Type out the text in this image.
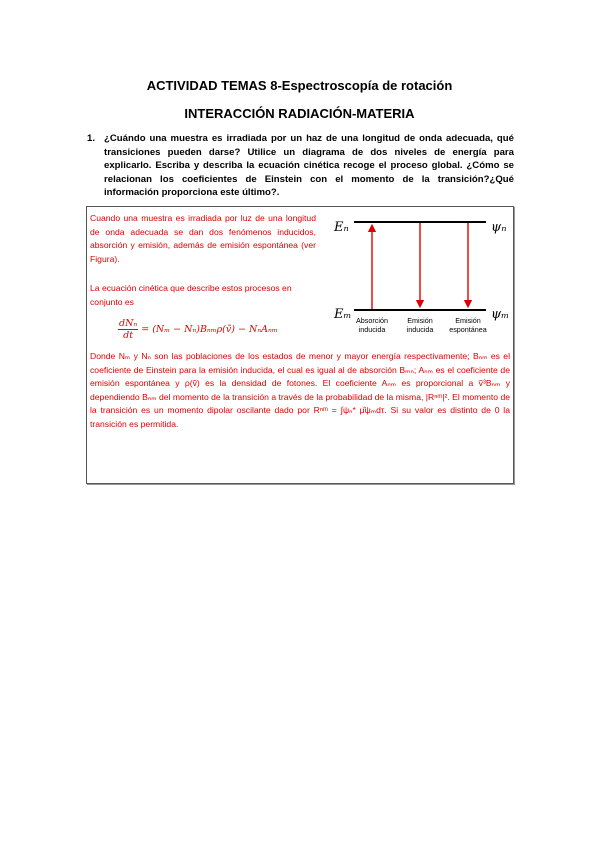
ACTIVIDAD TEMAS 8-Espectroscopía de rotación
INTERACCIÓN RADIACIÓN-MATERIA
1. ¿Cuándo una muestra es irradiada por un haz de una longitud de onda adecuada, qué transiciones pueden darse? Utilice un diagrama de dos niveles de energía para explicarlo. Escriba y describa la ecuación cinética recoge el proceso global. ¿Cómo se relacionan los coeficientes de Einstein con el momento de la transición?¿Qué información proporciona este último?.
Cuando una muestra es irradiada por luz de una longitud de onda adecuada se dan dos fenómenos inducidos, absorción y emisión, además de emisión espontánea (ver Figura).
La ecuación cinética que describe estos procesos en conjunto es
$\frac{\text{dNₙ}}{dt} = (N_m$ − Nₙ)Bₙₘρ(ṽ) − NₙAₙₘ
Donde Nₘ y Nₙ son las poblaciones de los estados de menor y mayor energía respectivamente; Bₙₘ es el coeficiente de Einstein para la emisión inducida, el cual es igual al de absorción Bₘₙ; Aₙₘ es el coeficiente de emisión espontánea y ρ(ṽ) es la densidad de fotones. El coeficiente Aₙₘ es proporcional a ṽ³Bₙₘ y dependiendo Bₙₘ del momento de la transición a través de la probabilidad de la misma, |Rⁿᵐ|². El momento de la transición es un momento dipolar oscilante dado por Rⁿᵐ = ∫ψₙ* μ̂ψₘdτ. Si su valor es distinto de 0 la transición es permitida.
Eₙ
Eₘ
ψₙ
ψₘ
Absorción
inducida
Emisión
inducida
Emisión
espontánea
